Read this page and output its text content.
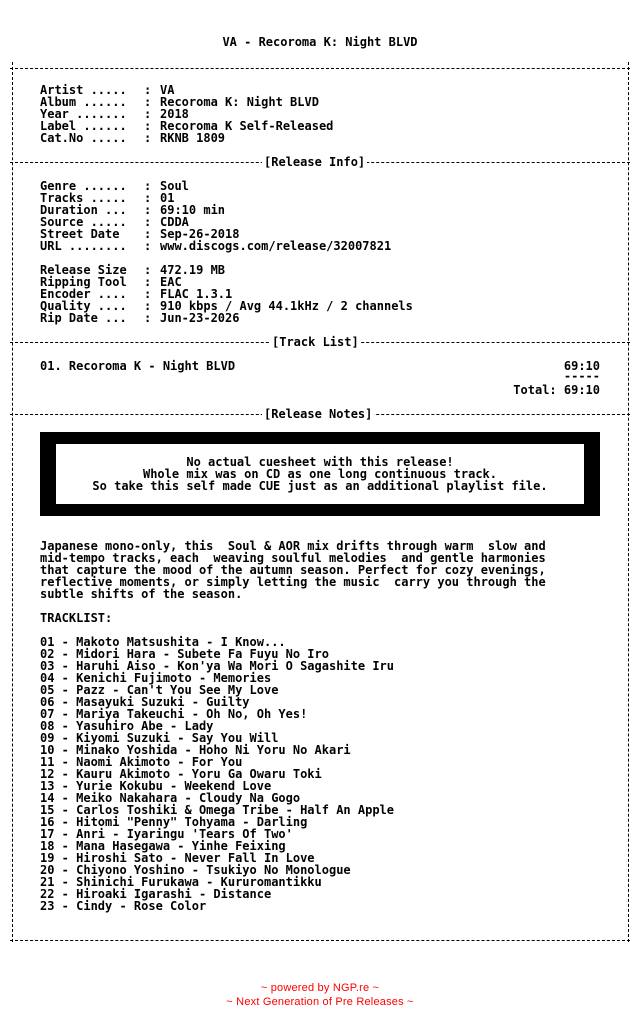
VA - Recoroma K: Night BLVD

Artist ..... : VA
Album ...... : Recoroma K: Night BLVD
Year ....... : 2018
Label ...... : Recoroma K Self-Released
Cat.No ..... : RKNB 1809

[Release Info]

Genre ...... : Soul
Tracks ..... : 01
Duration ... : 69:10 min
Source ..... : CDDA
Street Date : Sep-26-2018
URL ........ : www.discogs.com/release/32007821

Release Size : 472.19 MB
Ripping Tool : EAC
Encoder .... : FLAC 1.3.1
Quality .... : 910 kbps / Avg 44.1kHz / 2 channels
Rip Date ... : Jun-23-2026

[Track List]

01. Recoroma K - Night BLVD

	69:10

-----

Total: 69:10

[Release Notes]

No actual cuesheet with this release!

Whole mix was on CD as one long continuous track.

So take this self made CUE just as an additional playlist file.

Japanese mono-only, this  Soul & AOR mix drifts through warm  slow and
mid-tempo tracks, each  weaving soulful melodies  and gentle harmonies
that capture the mood of the autumn season. Perfect for cozy evenings,
reflective moments, or simply letting the music  carry you through the
subtle shifts of the season.

TRACKLIST:

01 - Makoto Matsushita - I Know...
02 - Midori Hara - Subete Fa Fuyu No Iro
03 - Haruhi Aiso - Kon'ya Wa Mori O Sagashite Iru
04 - Kenichi Fujimoto - Memories
05 - Pazz - Can't You See My Love
06 - Masayuki Suzuki - Guilty
07 - Mariya Takeuchi - Oh No, Oh Yes!
08 - Yasuhiro Abe - Lady
09 - Kiyomi Suzuki - Say You Will
10 - Minako Yoshida - Hoho Ni Yoru No Akari
11 - Naomi Akimoto - For You
12 - Kauru Akimoto - Yoru Ga Owaru Toki
13 - Yurie Kokubu - Weekend Love
14 - Meiko Nakahara - Cloudy Na Gogo
15 - Carlos Toshiki & Omega Tribe - Half An Apple
16 - Hitomi "Penny" Tohyama - Darling
17 - Anri - Iyaringu 'Tears Of Two'
18 - Mana Hasegawa - Yinhe Feixing
19 - Hiroshi Sato - Never Fall In Love
20 - Chiyono Yoshino - Tsukiyo No Monologue
21 - Shinichi Furukawa - Kururomantikku
22 - Hiroaki Igarashi - Distance
23 - Cindy - Rose Color

~ powered by NGP.re ~
~ Next Generation of Pre Releases ~
